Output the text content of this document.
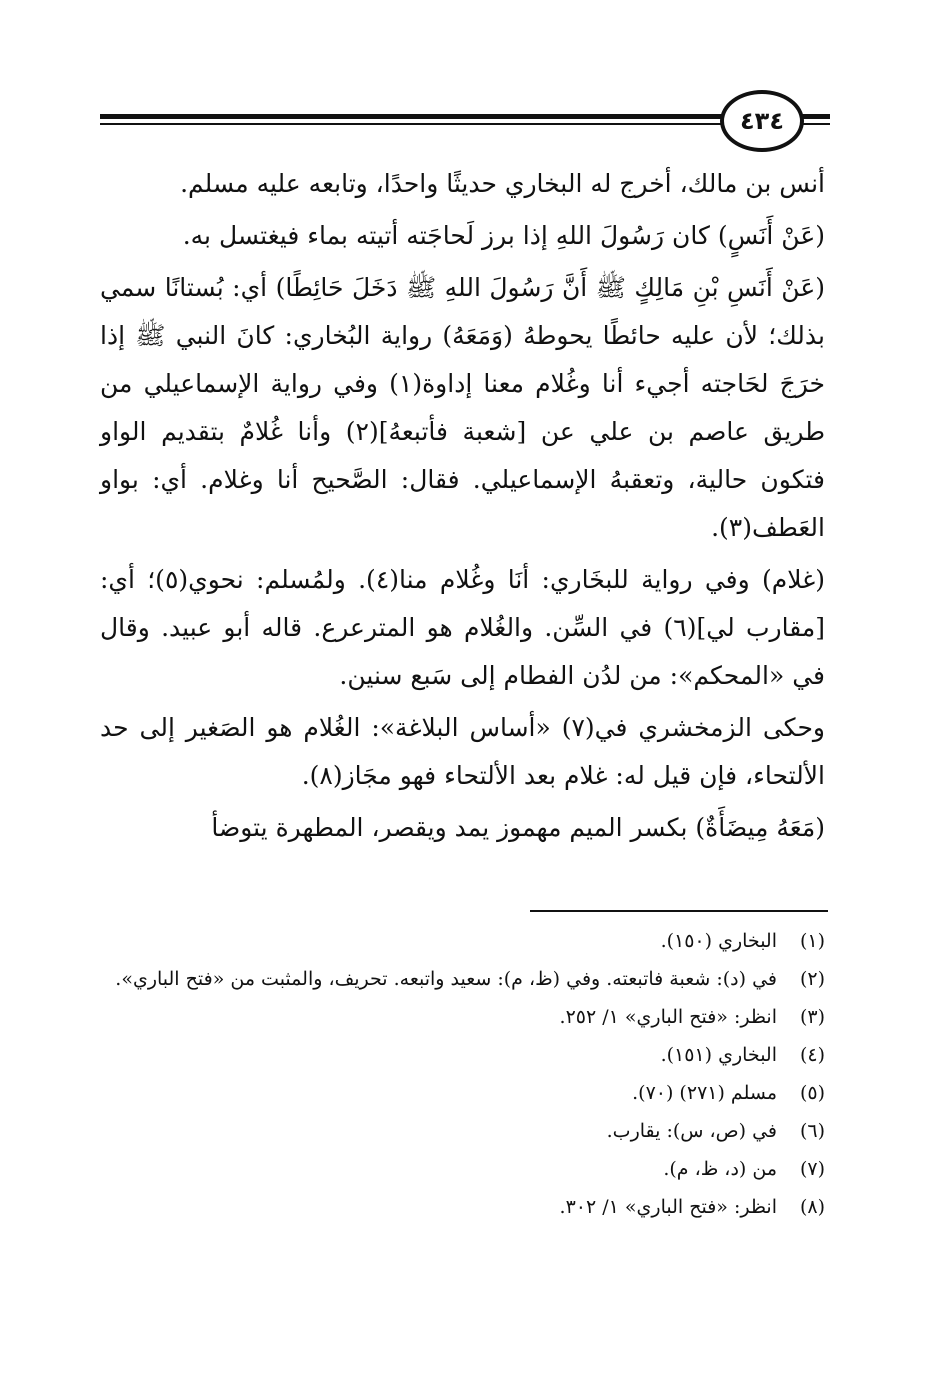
٤٣٤

أنس بن مالك، أخرج له البخاري حديثًا واحدًا، وتابعه عليه مسلم.

(عَنْ أَنَسٍ) كان رَسُولَ اللهِ إذا برز لَحاجَته أتيته بماء فيغتسل به.

(عَنْ أَنَسِ بْنِ مَالِكٍ ﷺ أَنَّ رَسُولَ اللهِ ﷺ دَخَلَ حَائِطًا) أي: بُستانًا سمي بذلك؛ لأن عليه حائطًا يحوطهُ (وَمَعَهُ) رواية البُخاري: كانَ النبي ﷺ إذا خرَجَ لحَاجته أجيء أنا وغُلام معنا إداوة(١) وفي رواية الإسماعيلي من طريق عاصم بن علي عن [شعبة فأتبعهُ](٢) وأنا غُلامٌ بتقديم الواو فتكون حالية، وتعقبهُ الإسماعيلي. فقال: الصَّحيح أنا وغلام. أي: بواو العَطف(٣).

(غلام) وفي رواية للبخَاري: أنَا وغُلام منا(٤). ولمُسلم: نحوي(٥)؛ أي: [مقارب لي](٦) في السِّن. والغُلام هو المترعرع. قاله أبو عبيد. وقال في «المحكم»: من لدُن الفطام إلى سَبع سنين.

وحكى الزمخشري في(٧) «أساس البلاغة»: الغُلام هو الصَغير إلى حد الألتحاء، فإن قيل له: غلام بعد الألتحاء فهو مجَاز(٨).

(مَعَهُ مِيضَأَةٌ) بكسر الميم مهموز يمد ويقصر، المطهرة يتوضأ

(١)
البخاري (١٥٠).
(٢)
في (د): شعبة فاتبعته. وفي (ظ، م): سعيد واتبعه. تحريف، والمثبت من «فتح الباري».
(٣)
انظر: «فتح الباري» ١/ ٢٥٢.
(٤)
البخاري (١٥١).
(٥)
مسلم (٢٧١) (٧٠).
(٦)
في (ص، س): يقارب.
(٧)
من (د، ظ، م).
(٨)
انظر: «فتح الباري» ١/ ٣٠٢.
